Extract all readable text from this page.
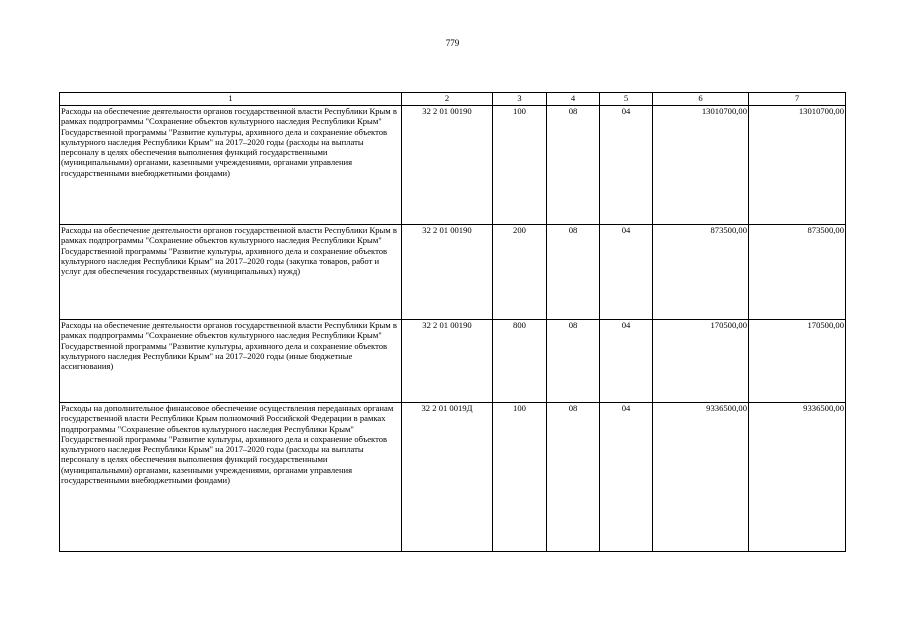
779
1	2	3	4	5	6	7
Расходы на обеспечение деятельности органов государственной власти Республики Крым в рамках подпрограммы "Сохранение объектов культурного наследия Республики Крым" Государственной программы "Развитие культуры, архивного дела и сохранение объектов культурного наследия Республики Крым" на 2017–2020 годы (расходы на выплаты персоналу в целях обеспечения выполнения функций государственными (муниципальными) органами, казенными учреждениями, органами управления государственными внебюджетными фондами)	32 2 01 00190	100	08	04	13010700,00	13010700,00
Расходы на обеспечение деятельности органов государственной власти Республики Крым в рамках подпрограммы "Сохранение объектов культурного наследия Республики Крым" Государственной программы "Развитие культуры, архивного дела и сохранение объектов культурного наследия Республики Крым" на 2017–2020 годы (закупка товаров, работ и услуг для обеспечения государственных (муниципальных) нужд)	32 2 01 00190	200	08	04	873500,00	873500,00
Расходы на обеспечение деятельности органов государственной власти Республики Крым в рамках подпрограммы "Сохранение объектов культурного наследия Республики Крым" Государственной программы "Развитие культуры, архивного дела и сохранение объектов культурного наследия Республики Крым" на 2017–2020 годы (иные бюджетные ассигнования)	32 2 01 00190	800	08	04	170500,00	170500,00
Расходы на дополнительное финансовое обеспечение осуществления переданных органам государственной власти Республики Крым полномочий Российской Федерации в рамках подпрограммы "Сохранение объектов культурного наследия Республики Крым" Государственной программы "Развитие культуры, архивного дела и сохранение объектов культурного наследия Республики Крым" на 2017–2020 годы (расходы на выплаты персоналу в целях обеспечения выполнения функций государственными (муниципальными) органами, казенными учреждениями, органами управления государственными внебюджетными фондами)	32 2 01 0019Д	100	08	04	9336500,00	9336500,00
